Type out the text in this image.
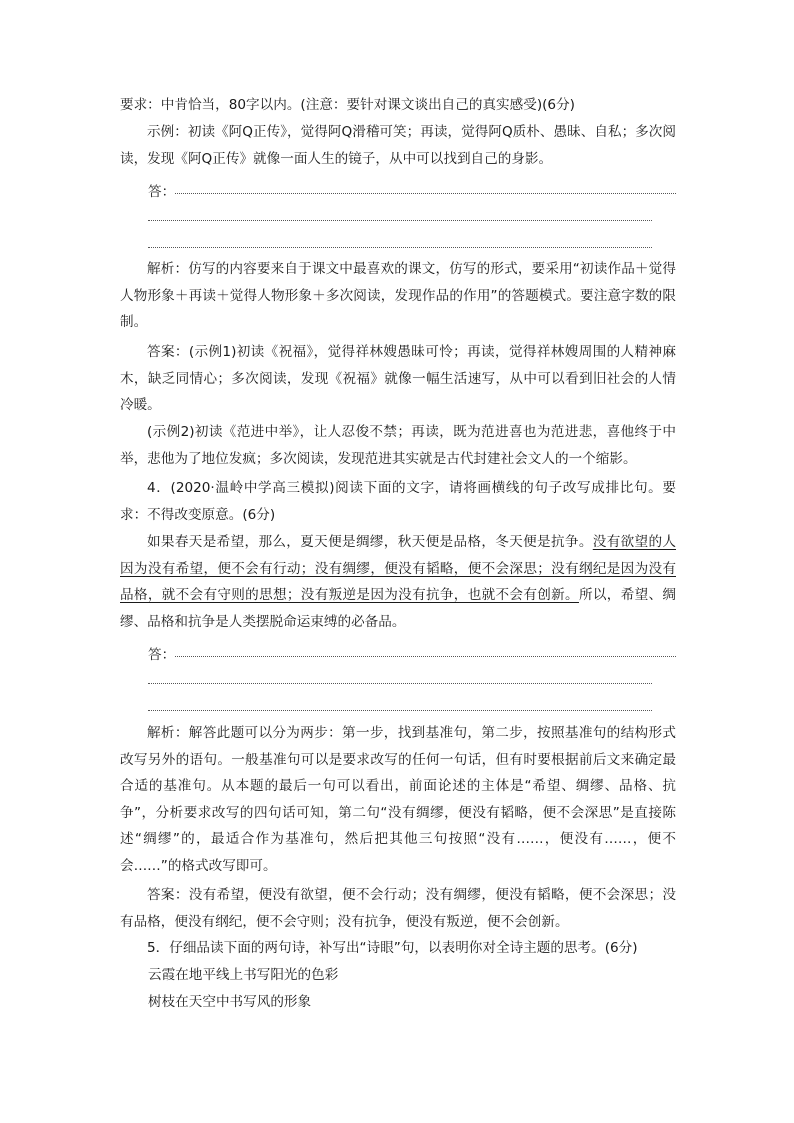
要求：中肯恰当，80字以内。(注意：要针对课文谈出自己的真实感受)(6分)

示例：初读《阿Q正传》，觉得阿Q滑稽可笑；再读，觉得阿Q质朴、愚昧、自私；多次阅读，发现《阿Q正传》就像一面人生的镜子，从中可以找到自己的身影。

答：

解析：仿写的内容要来自于课文中最喜欢的课文，仿写的形式，要采用“初读作品＋觉得人物形象＋再读＋觉得人物形象＋多次阅读，发现作品的作用”的答题模式。要注意字数的限制。

答案：(示例1)初读《祝福》，觉得祥林嫂愚昧可怜；再读，觉得祥林嫂周围的人精神麻木，缺乏同情心；多次阅读，发现《祝福》就像一幅生活速写，从中可以看到旧社会的人情冷暖。

(示例2)初读《范进中举》，让人忍俊不禁；再读，既为范进喜也为范进悲，喜他终于中举，悲他为了地位发疯；多次阅读，发现范进其实就是古代封建社会文人的一个缩影。

4．(2020·温岭中学高三模拟)阅读下面的文字，请将画横线的句子改写成排比句。要求：不得改变原意。(6分)

如果春天是希望，那么，夏天便是绸缪，秋天便是品格，冬天便是抗争。没有欲望的人因为没有希望，便不会有行动；没有绸缪，便没有韬略，便不会深思；没有纲纪是因为没有品格，就不会有守则的思想；没有叛逆是因为没有抗争，也就不会有创新。所以，希望、绸缪、品格和抗争是人类摆脱命运束缚的必备品。

答：

解析：解答此题可以分为两步：第一步，找到基准句，第二步，按照基准句的结构形式改写另外的语句。一般基准句可以是要求改写的任何一句话，但有时要根据前后文来确定最合适的基准句。从本题的最后一句可以看出，前面论述的主体是“希望、绸缪、品格、抗争”，分析要求改写的四句话可知，第二句“没有绸缪，便没有韬略，便不会深思”是直接陈述“绸缪”的，最适合作为基准句，然后把其他三句按照“没有……，便没有……，便不会……”的格式改写即可。

答案：没有希望，便没有欲望，便不会行动；没有绸缪，便没有韬略，便不会深思；没有品格，便没有纲纪，便不会守则；没有抗争，便没有叛逆，便不会创新。

5．仔细品读下面的两句诗，补写出“诗眼”句，以表明你对全诗主题的思考。(6分)

云霞在地平线上书写阳光的色彩

树枝在天空中书写风的形象
